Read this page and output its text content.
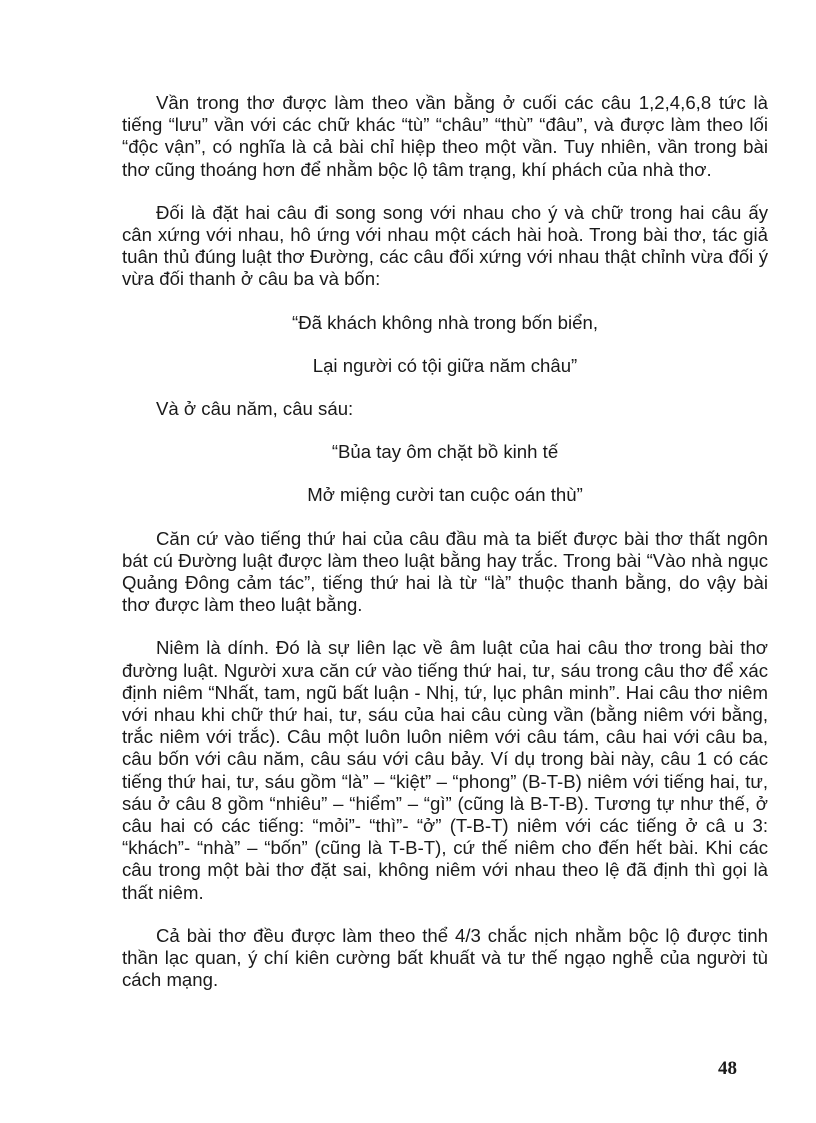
Vần trong thơ được làm theo vần bằng ở cuối các câu 1,2,4,6,8 tức là tiếng “lưu” vần với các chữ khác “tù” “châu” “thù” “đâu”, và được làm theo lối “độc vận”, có nghĩa là cả bài chỉ hiệp theo một vần. Tuy nhiên, vần trong bài thơ cũng thoáng hơn để nhằm bộc lộ tâm trạng, khí phách của nhà thơ.

Đối là đặt hai câu đi song song với nhau cho ý và chữ trong hai câu ấy cân xứng với nhau, hô ứng với nhau một cách hài hoà. Trong bài thơ, tác giả tuân thủ đúng luật thơ Đường, các câu đối xứng với nhau thật chỉnh vừa đối ý vừa đối thanh ở câu ba và bốn:

“Đã khách không nhà trong bốn biển,

Lại người có tội giữa năm châu”

Và ở câu năm, câu sáu:

“Bủa tay ôm chặt bồ kinh tế

Mở miệng cười tan cuộc oán thù”

Căn cứ vào tiếng thứ hai của câu đầu mà ta biết được bài thơ thất ngôn bát cú Đường luật được làm theo luật bằng hay trắc. Trong bài “Vào nhà ngục Quảng Đông cảm tác”, tiếng thứ hai là từ “là” thuộc thanh bằng, do vậy bài thơ được làm theo luật bằng.

Niêm là dính. Đó là sự liên lạc về âm luật của hai câu thơ trong bài thơ đường luật. Người xưa căn cứ vào tiếng thứ hai, tư, sáu trong câu thơ để xác định niêm “Nhất, tam, ngũ bất luận - Nhị, tứ, lục phân minh”. Hai câu thơ niêm với nhau khi chữ thứ hai, tư, sáu của hai câu cùng vần (bằng niêm với bằng, trắc niêm với trắc). Câu một luôn luôn niêm với câu tám, câu hai với câu ba, câu bốn với câu năm, câu sáu với câu bảy. Ví dụ trong bài này, câu 1 có các tiếng thứ hai, tư, sáu gồm “là” – “kiệt” – “phong” (B-T-B) niêm với tiếng hai, tư, sáu ở câu 8 gồm “nhiêu” – “hiểm” – “gì” (cũng là B-T-B). Tương tự như thế, ở câu hai có các tiếng: “mỏi”- “thì”- “ở” (T-B-T) niêm với các tiếng ở câ u 3: “khách”- “nhà” – “bốn” (cũng là T-B-T), cứ thế niêm cho đến hết bài. Khi các câu trong một bài thơ đặt sai, không niêm với nhau theo lệ đã định thì gọi là thất niêm.

Cả bài thơ đều được làm theo thể 4/3 chắc nịch nhằm bộc lộ được tinh thần lạc quan, ý chí kiên cường bất khuất và tư thế ngạo nghễ của người tù cách mạng.

48
